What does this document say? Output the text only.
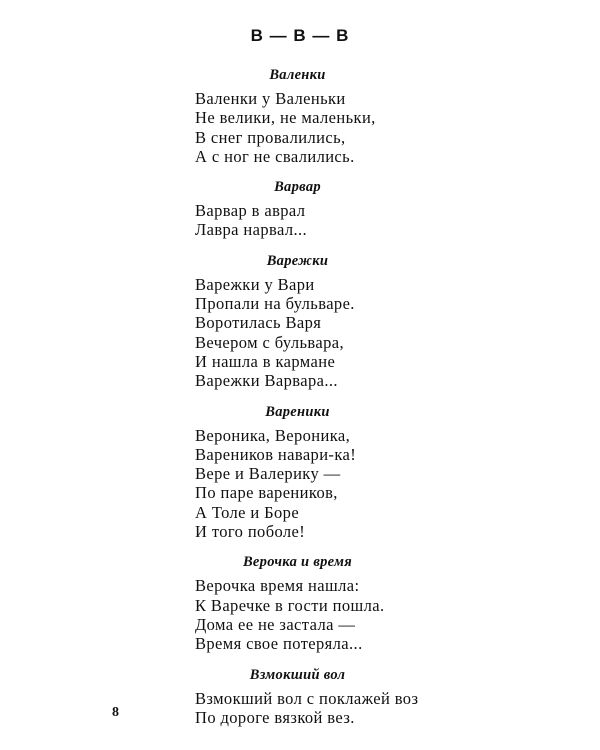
В — В — В
Валенки
Валенки у Валеньки
Не велики, не маленьки,
В снег провалились,
А с ног не свалились.
Варвар
Варвар в аврал
Лавра нарвал...
Варежки
Варежки у Вари
Пропали на бульваре.
Воротилась Варя
Вечером с бульвара,
И нашла в кармане
Варежки Варвара...
Вареники
Вероника, Вероника,
Вареников навари-ка!
Вере и Валерику —
По паре вареников,
А Толе и Боре
И того поболе!
Верочка и время
Верочка время нашла:
К Варечке в гости пошла.
Дома ее не застала —
Время свое потеряла...
Взмокший вол
Взмокший вол с поклажей воз
По дороге вязкой вез.
8
